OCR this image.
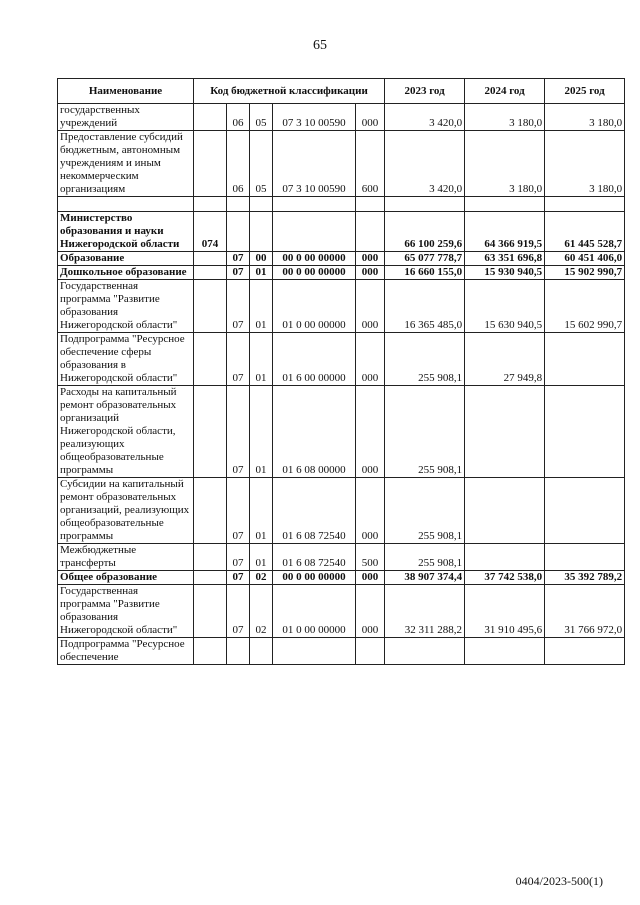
65
Наименование	Код бюджетной классификации					2023 год	2024 год	2025 год
государственных учреждений		06	05	07 3 10 00590	000	3 420,0	3 180,0	3 180,0
Предоставление субсидий бюджетным, автономным учреждениям и иным некоммерческим организациям		06	05	07 3 10 00590	600	3 420,0	3 180,0	3 180,0

Министерство образования и науки Нижегородской области	074					66 100 259,6	64 366 919,5	61 445 528,7
Образование		07	00	00 0 00 00000	000	65 077 778,7	63 351 696,8	60 451 406,0
Дошкольное образование		07	01	00 0 00 00000	000	16 660 155,0	15 930 940,5	15 902 990,7
Государственная программа "Развитие образования Нижегородской области"		07	01	01 0 00 00000	000	16 365 485,0	15 630 940,5	15 602 990,7
Подпрограмма "Ресурсное обеспечение сферы образования в Нижегородской области"		07	01	01 6 00 00000	000	255 908,1	27 949,8	
Расходы на капитальный ремонт образовательных организаций Нижегородской области, реализующих общеобразовательные программы		07	01	01 6 08 00000	000	255 908,1		
Субсидии на капитальный ремонт образовательных организаций, реализующих общеобразовательные программы		07	01	01 6 08 72540	000	255 908,1		
Межбюджетные трансферты		07	01	01 6 08 72540	500	255 908,1		
Общее образование		07	02	00 0 00 00000	000	38 907 374,4	37 742 538,0	35 392 789,2
Государственная программа "Развитие образования Нижегородской области"		07	02	01 0 00 00000	000	32 311 288,2	31 910 495,6	31 766 972,0
Подпрограмма "Ресурсное обеспечение								
0404/2023-500(1)
